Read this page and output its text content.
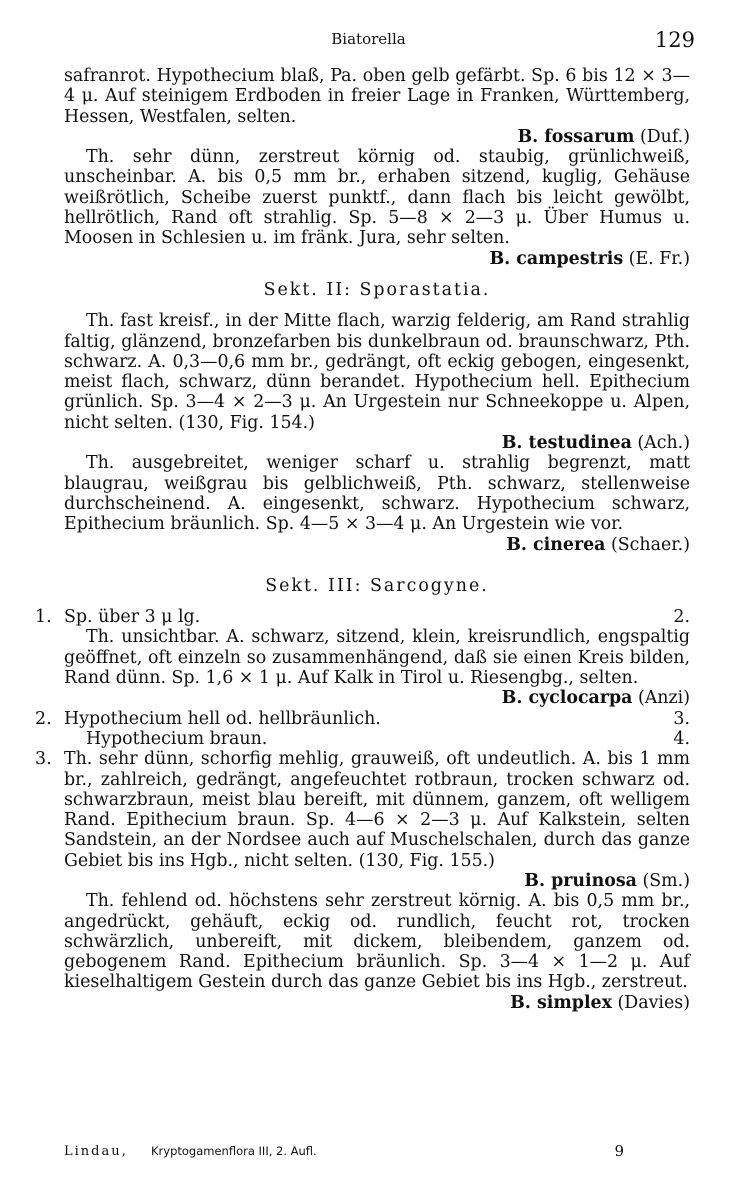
Biatorella	129

safranrot. Hypothecium blaß, Pa. oben gelb gefärbt. Sp. 6 bis 12 × 3—4 μ. Auf steinigem Erdboden in freier Lage in Franken, Württemberg, Hessen, Westfalen, selten.

B. fossarum (Duf.)

Th. sehr dünn, zerstreut körnig od. staubig, grünlichweiß, unscheinbar. A. bis 0,5 mm br., erhaben sitzend, kuglig, Gehäuse weißrötlich, Scheibe zuerst punktf., dann flach bis leicht gewölbt, hellrötlich, Rand oft strahlig. Sp. 5—8 × 2—3 μ. Über Humus u. Moosen in Schlesien u. im fränk. Jura, sehr selten.

B. campestris (E. Fr.)

Sekt. II: Sporastatia.

Th. fast kreisf., in der Mitte flach, warzig felderig, am Rand strahlig faltig, glänzend, bronzefarben bis dunkelbraun od. braunschwarz, Pth. schwarz. A. 0,3—0,6 mm br., gedrängt, oft eckig gebogen, eingesenkt, meist flach, schwarz, dünn berandet. Hypothecium hell. Epithecium grünlich. Sp. 3—4 × 2—3 μ. An Urgestein nur Schneekoppe u. Alpen, nicht selten. (130, Fig. 154.)

B. testudinea (Ach.)

Th. ausgebreitet, weniger scharf u. strahlig begrenzt, matt blaugrau, weißgrau bis gelblichweiß, Pth. schwarz, stellenweise durchscheinend. A. eingesenkt, schwarz. Hypothecium schwarz, Epithecium bräunlich. Sp. 4—5 × 3—4 μ. An Urgestein wie vor.

B. cinerea (Schaer.)

Sekt. III: Sarcogyne.

1. Sp. über 3 μ lg.	2.

Th. unsichtbar. A. schwarz, sitzend, klein, kreisrundlich, engspaltig geöffnet, oft einzeln so zusammenhängend, daß sie einen Kreis bilden, Rand dünn. Sp. 1,6 × 1 μ. Auf Kalk in Tirol u. Riesengbg., selten.

B. cyclocarpa (Anzi)

2. Hypothecium hell od. hellbräunlich.	3.
Hypothecium braun.	4.
3. Th. sehr dünn, schorfig mehlig, grauweiß, oft undeutlich. A. bis 1 mm br., zahlreich, gedrängt, angefeuchtet rotbraun, trocken schwarz od. schwarzbraun, meist blau bereift, mit dünnem, ganzem, oft welligem Rand. Epithecium braun. Sp. 4—6 × 2—3 μ. Auf Kalkstein, selten Sandstein, an der Nordsee auch auf Muschelschalen, durch das ganze Gebiet bis ins Hgb., nicht selten. (130, Fig. 155.)

B. pruinosa (Sm.)

Th. fehlend od. höchstens sehr zerstreut körnig. A. bis 0,5 mm br., angedrückt, gehäuft, eckig od. rundlich, feucht rot, trocken schwärzlich, unbereift, mit dickem, bleibendem, ganzem od. gebogenem Rand. Epithecium bräunlich. Sp. 3—4 × 1—2 μ. Auf kieselhaltigem Gestein durch das ganze Gebiet bis ins Hgb., zerstreut.

B. simplex (Davies)

Lindau, Kryptogamenflora III, 2. Aufl.	9
